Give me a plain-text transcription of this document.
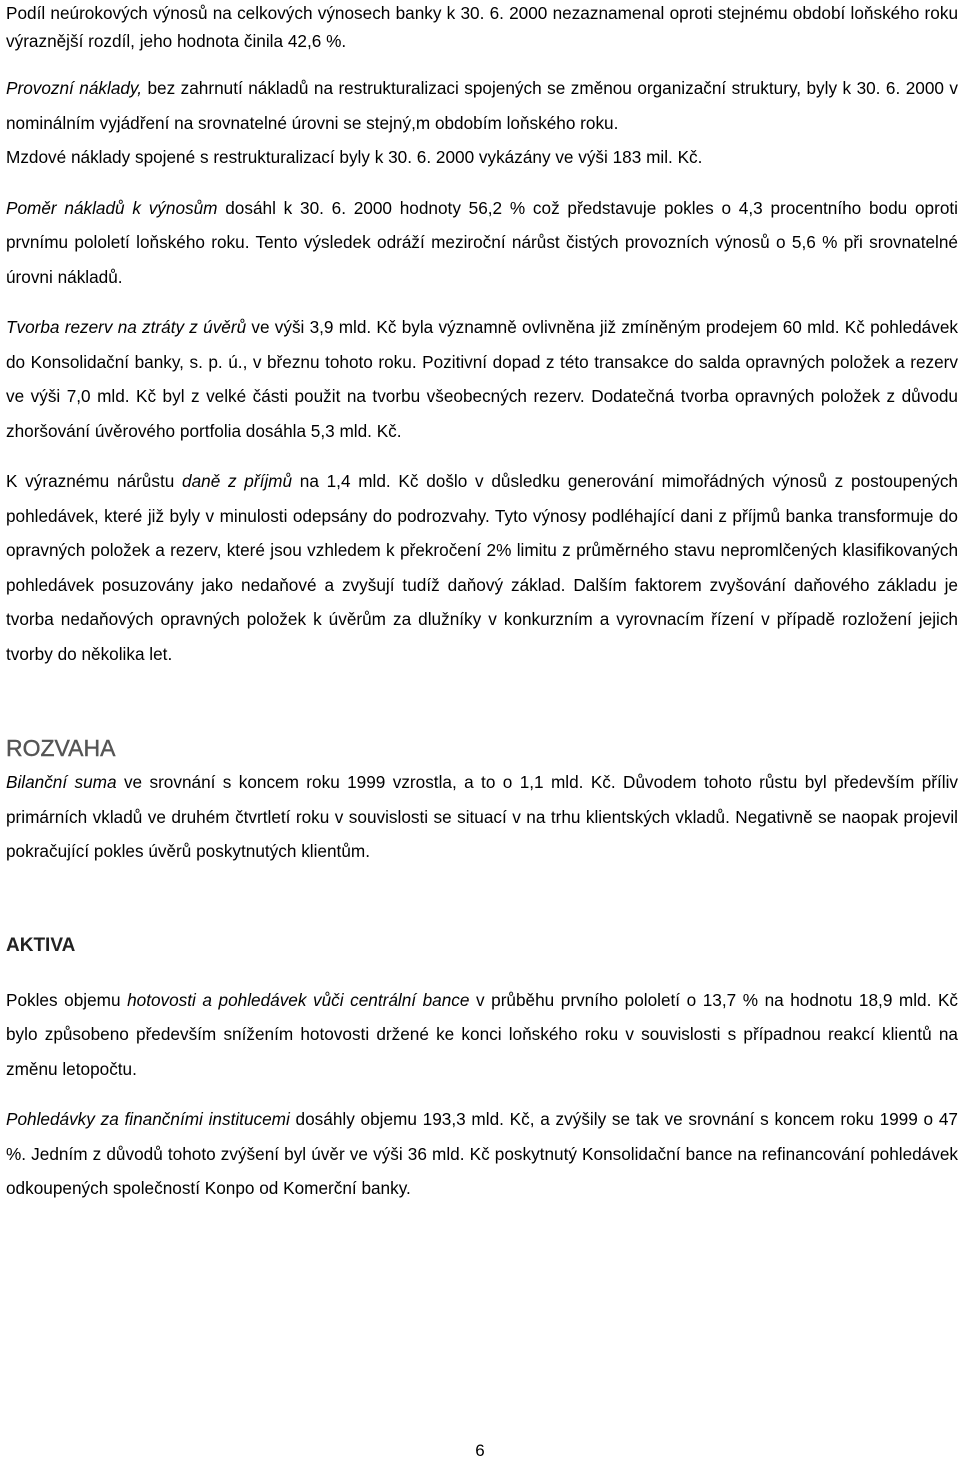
Podíl neúrokových výnosů na celkových výnosech banky k 30. 6. 2000 nezaznamenal oproti stejnému období loňského roku výraznější rozdíl, jeho hodnota činila 42,6 %.

Provozní náklady, bez zahrnutí nákladů na restrukturalizaci spojených se změnou organizační struktury, byly k 30. 6. 2000 v nominálním vyjádření na srovnatelné úrovni se stejný,m obdobím loňského roku.
Mzdové náklady spojené s restrukturalizací byly k 30. 6. 2000 vykázány ve výši 183 mil. Kč.

Poměr nákladů k výnosům dosáhl k 30. 6. 2000 hodnoty 56,2 % což představuje pokles o 4,3 procentního bodu oproti prvnímu pololetí loňského roku. Tento výsledek odráží meziroční nárůst čistých provozních výnosů o 5,6 % při srovnatelné úrovni nákladů.

Tvorba rezerv na ztráty z úvěrů ve výši 3,9 mld. Kč byla významně ovlivněna již zmíněným prodejem 60 mld. Kč pohledávek do Konsolidační banky, s. p. ú., v březnu tohoto roku. Pozitivní dopad z této transakce do salda opravných položek a rezerv ve výši 7,0 mld. Kč byl z velké části použit na tvorbu všeobecných rezerv. Dodatečná tvorba opravných položek z důvodu zhoršování úvěrového portfolia dosáhla 5,3 mld. Kč.

K výraznému nárůstu daně z příjmů na 1,4 mld. Kč došlo v důsledku generování mimořádných výnosů z postoupených pohledávek, které již byly v minulosti odepsány do podrozvahy. Tyto výnosy podléhající dani z příjmů banka transformuje do opravných položek a rezerv, které jsou vzhledem k překročení 2% limitu z průměrného stavu nepromlčených klasifikovaných pohledávek posuzovány jako nedaňové a zvyšují tudíž daňový základ. Dalším faktorem zvyšování daňového základu je tvorba nedaňových opravných položek k úvěrům za dlužníky v konkurzním a vyrovnacím řízení v případě rozložení jejich tvorby do několika let.

ROZVAHA

Bilanční suma ve srovnání s koncem roku 1999 vzrostla, a to o 1,1 mld. Kč. Důvodem tohoto růstu byl především příliv primárních vkladů ve druhém čtvrtletí roku v souvislosti se situací v na trhu klientských vkladů. Negativně se naopak projevil pokračující pokles úvěrů poskytnutých klientům.

AKTIVA

Pokles objemu hotovosti a pohledávek vůči centrální bance v průběhu prvního pololetí o 13,7 % na hodnotu 18,9 mld. Kč bylo způsobeno především snížením hotovosti držené ke konci loňského roku v souvislosti s případnou reakcí klientů na změnu letopočtu.

Pohledávky za finančními institucemi dosáhly objemu 193,3 mld. Kč, a zvýšily se tak ve srovnání s koncem roku 1999 o 47 %. Jedním z důvodů tohoto zvýšení byl úvěr ve výši 36 mld. Kč poskytnutý Konsolidační bance na refinancování pohledávek odkoupených společností Konpo od Komerční banky.

6
